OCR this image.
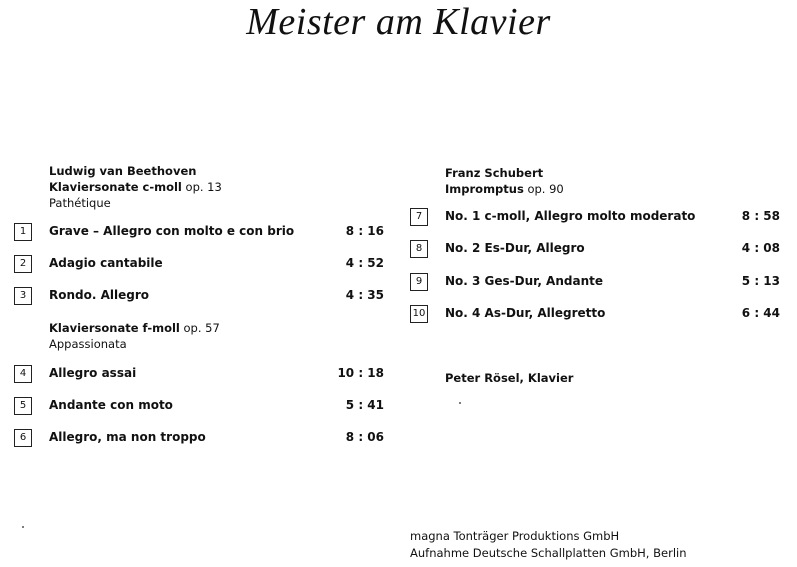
Meister am Klavier
Ludwig van Beethoven
Klaviersonate c-moll op. 13
Pathétique
1	Grave – Allegro con molto e con brio	8 : 16
2	Adagio cantabile	4 : 52
3	Rondo. Allegro	4 : 35
Klaviersonate f-moll op. 57
Appassionata
4	Allegro assai	10 : 18
5	Andante con moto	5 : 41
6	Allegro, ma non troppo	8 : 06
Franz Schubert
Impromptus op. 90
7	No. 1 c-moll, Allegro molto moderato	8 : 58
8	No. 2 Es-Dur, Allegro	4 : 08
9	No. 3 Ges-Dur, Andante	5 : 13
10 No. 4 As-Dur, Allegretto	6 : 44
Peter Rösel, Klavier
magna Tonträger Produktions GmbH
Aufnahme Deutsche Schallplatten GmbH, Berlin
